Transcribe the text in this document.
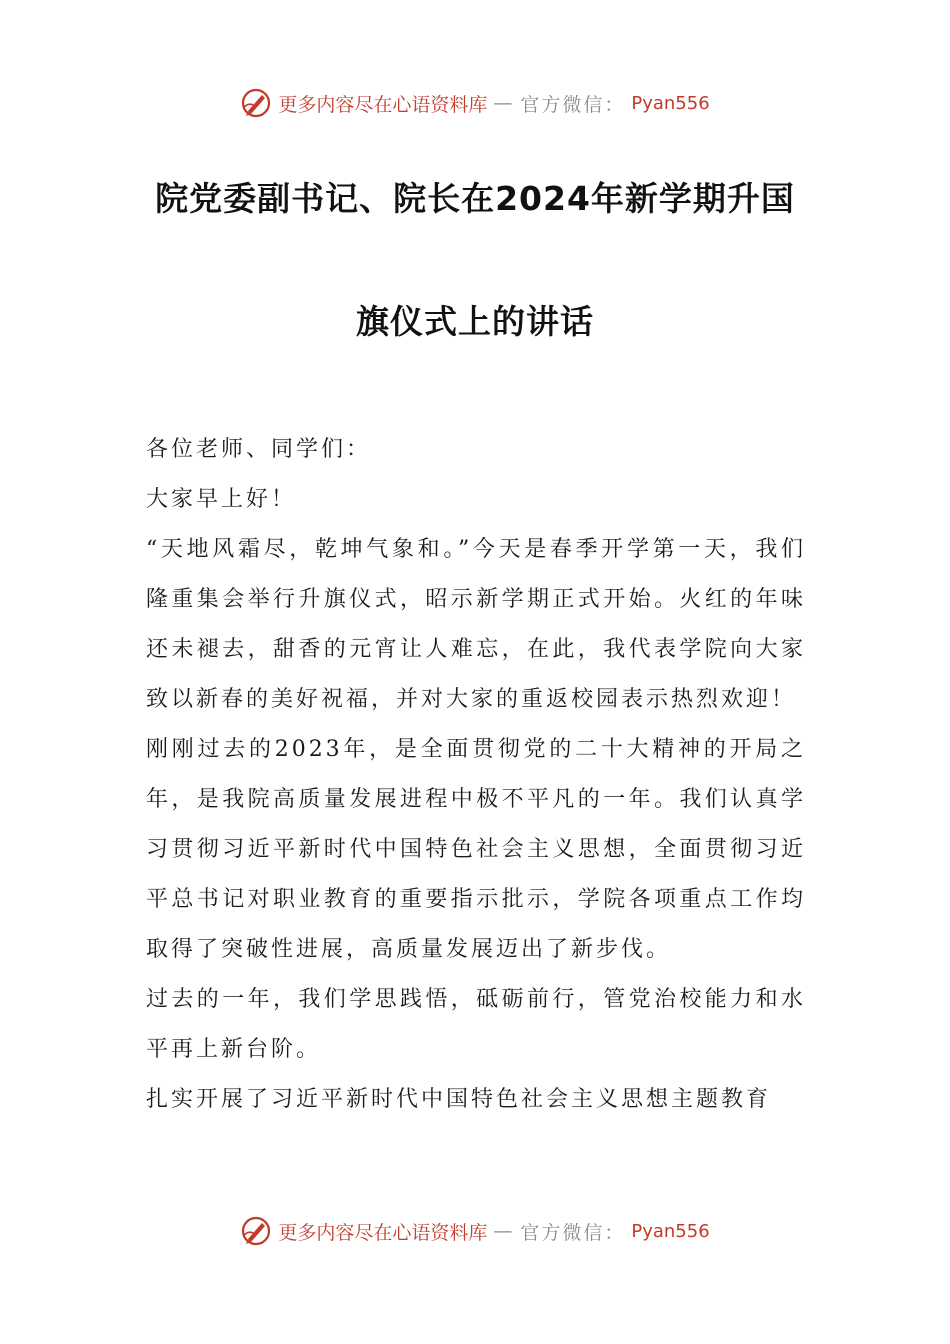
更多内容尽在心语资料库 — 官方微信： Pyan556
院党委副书记、院长在2024年新学期升国
旗仪式上的讲话

各位老师、同学们：

大家早上好！

“天地风霜尽，乾坤气象和。”今天是春季开学第一天，我们隆重集会举行升旗仪式，昭示新学期正式开始。火红的年味还未褪去，甜香的元宵让人难忘，在此，我代表学院向大家致以新春的美好祝福，并对大家的重返校园表示热烈欢迎！

刚刚过去的2023年，是全面贯彻党的二十大精神的开局之年，是我院高质量发展进程中极不平凡的一年。我们认真学习贯彻习近平新时代中国特色社会主义思想，全面贯彻习近平总书记对职业教育的重要指示批示，学院各项重点工作均取得了突破性进展，高质量发展迈出了新步伐。

过去的一年，我们学思践悟，砥砺前行，管党治校能力和水平再上新台阶。

扎实开展了习近平新时代中国特色社会主义思想主题教育

更多内容尽在心语资料库 — 官方微信： Pyan556
